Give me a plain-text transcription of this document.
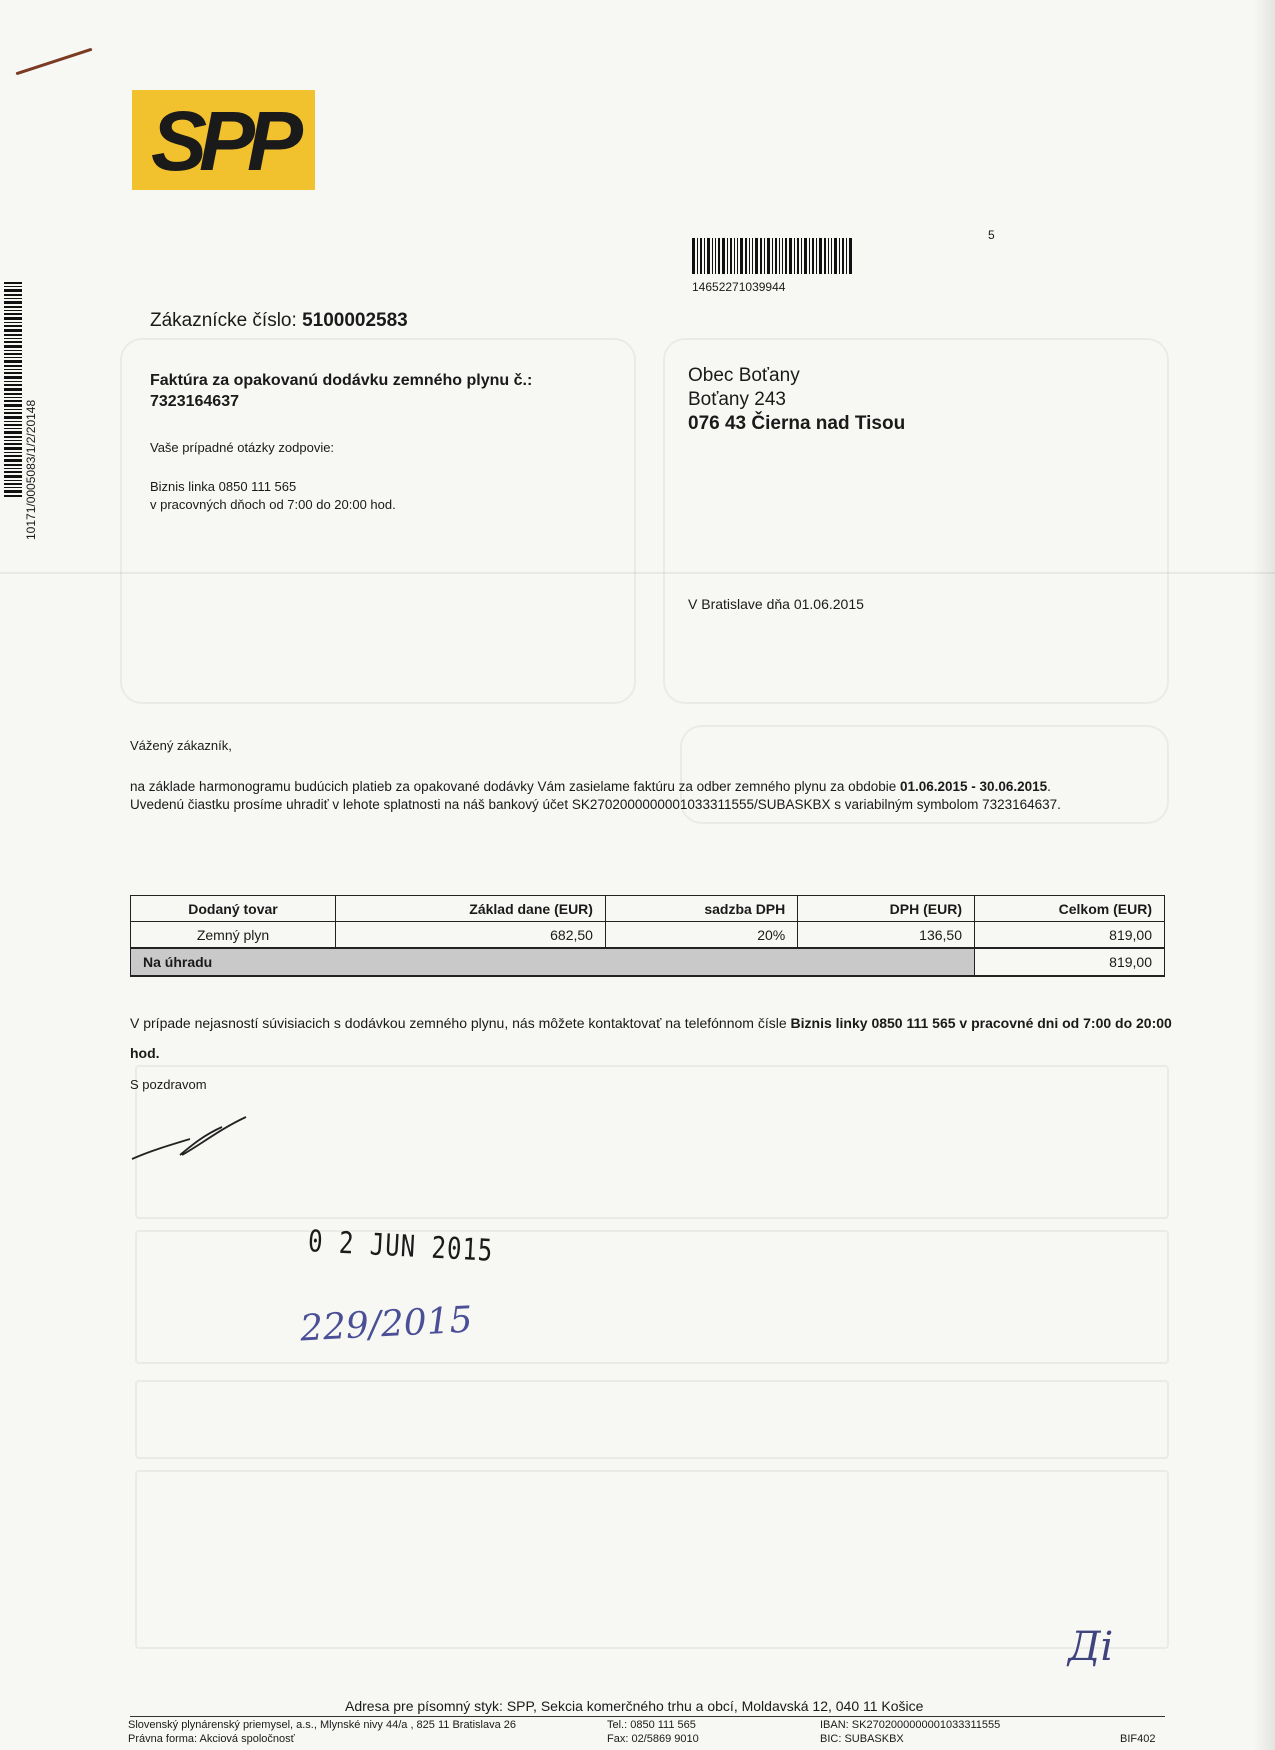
SPP
14652271039944
5
10171/0005083/1/2/20148
Zákaznícke číslo: 5100002583
Faktúra za opakovanú dodávku zemného plynu č.:
7323164637
Vaše prípadné otázky zodpovie:
Biznis linka 0850 111 565
v pracovných dňoch od 7:00 do 20:00 hod.
Obec Boťany
Boťany 243
076 43 Čierna nad Tisou
V Bratislave dňa 01.06.2015
Vážený zákazník,
na základe harmonogramu budúcich platieb za opakované dodávky Vám zasielame faktúru za odber zemného plynu za obdobie 01.06.2015 - 30.06.2015.
Uvedenú čiastku prosíme uhradiť v lehote splatnosti na náš bankový účet SK2702000000001033311555/SUBASKBX s variabilným symbolom 7323164637.
Dodaný tovar	Základ dane (EUR)	sadzba DPH	DPH (EUR)	Celkom (EUR)
Zemný plyn	682,50	20%	136,50	819,00
Na úhradu				819,00
V prípade nejasností súvisiacich s dodávkou zemného plynu, nás môžete kontaktovať na telefónnom čísle Biznis linky 0850 111 565 v pracovné dni od 7:00 do 20:00 hod.
S pozdravom
0 2 JUN 2015
229/2015
Ді
Adresa pre písomný styk: SPP, Sekcia komerčného trhu a obcí, Moldavská 12, 040 11 Košice
Slovenský plynárenský priemysel, a.s., Mlynské nivy 44/a , 825 11 Bratislava 26
Právna forma: Akciová spoločnosť
Tel.: 0850 111 565
Fax: 02/5869 9010
IBAN: SK2702000000001033311555
BIC: SUBASKBX	BIF402
